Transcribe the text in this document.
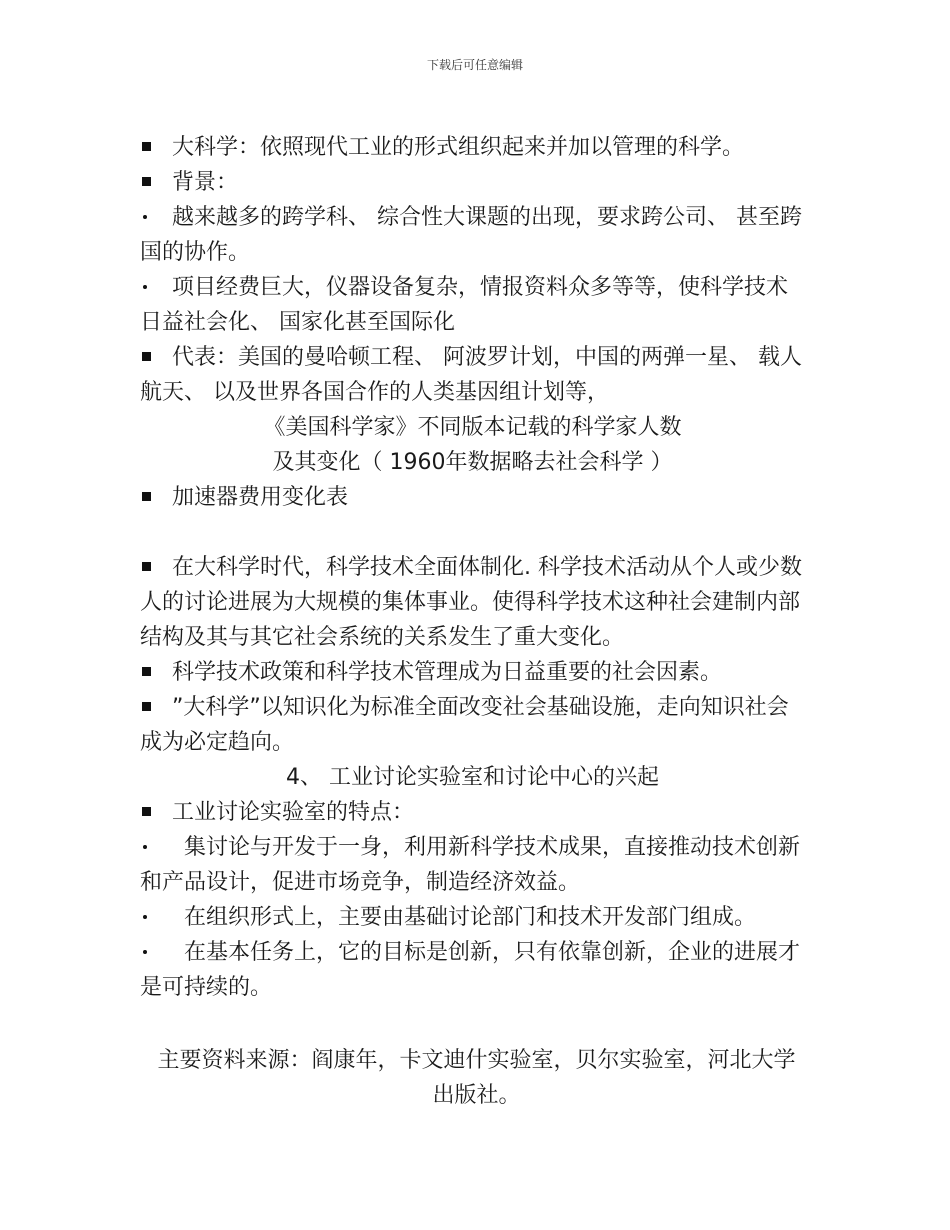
下载后可任意编辑

大科学：依照现代工业的形式组织起来并加以管理的科学。

背景：

越来越多的跨学科、 综合性大课题的出现，要求跨公司、 甚至跨国的协作。

项目经费巨大，仪器设备复杂，情报资料众多等等，使科学技术日益社会化、 国家化甚至国际化

代表：美国的曼哈顿工程、 阿波罗计划，中国的两弹一星、 载人航天、 以及世界各国合作的人类基因组计划等，

《美国科学家》不同版本记载的科学家人数

及其变化（ 1960年数据略去社会科学 ）

加速器费用变化表

在大科学时代，科学技术全面体制化. 科学技术活动从个人或少数人的讨论进展为大规模的集体事业。使得科学技术这种社会建制内部结构及其与其它社会系统的关系发生了重大变化。

科学技术政策和科学技术管理成为日益重要的社会因素。

”大科学”以知识化为标准全面改变社会基础设施，走向知识社会成为必定趋向。

4、 工业讨论实验室和讨论中心的兴起

工业讨论实验室的特点：

集讨论与开发于一身，利用新科学技术成果，直接推动技术创新和产品设计，促进市场竞争，制造经济效益。

在组织形式上，主要由基础讨论部门和技术开发部门组成。

在基本任务上，它的目标是创新，只有依靠创新，企业的进展才是可持续的。

主要资料来源：阎康年，卡文迪什实验室，贝尔实验室，河北大学出版社。
